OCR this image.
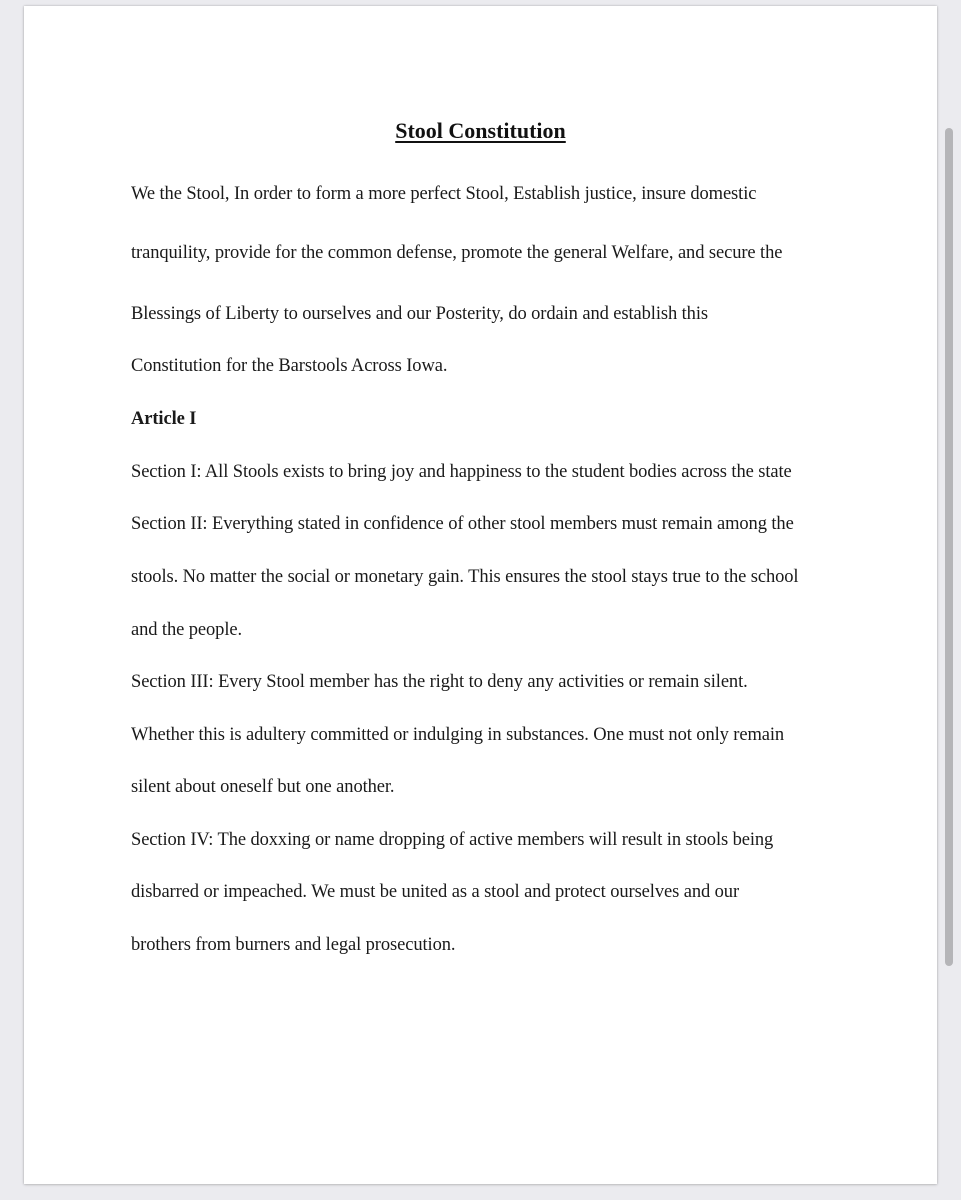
Stool Constitution
We the Stool, In order to form a more perfect Stool, Establish justice, insure domestic
tranquility, provide for the common defense, promote the general Welfare, and secure the
Blessings of Liberty to ourselves and our Posterity, do ordain and establish this
Constitution for the Barstools Across Iowa.
Article I
Section I: All Stools exists to bring joy and happiness to the student bodies across the state
Section II: Everything stated in confidence of other stool members must remain among the
stools. No matter the social or monetary gain. This ensures the stool stays true to the school
and the people.
Section III: Every Stool member has the right to deny any activities or remain silent.
Whether this is adultery committed or indulging in substances. One must not only remain
silent about oneself but one another.
Section IV: The doxxing or name dropping of active members will result in stools being
disbarred or impeached. We must be united as a stool and protect ourselves and our
brothers from burners and legal prosecution.
